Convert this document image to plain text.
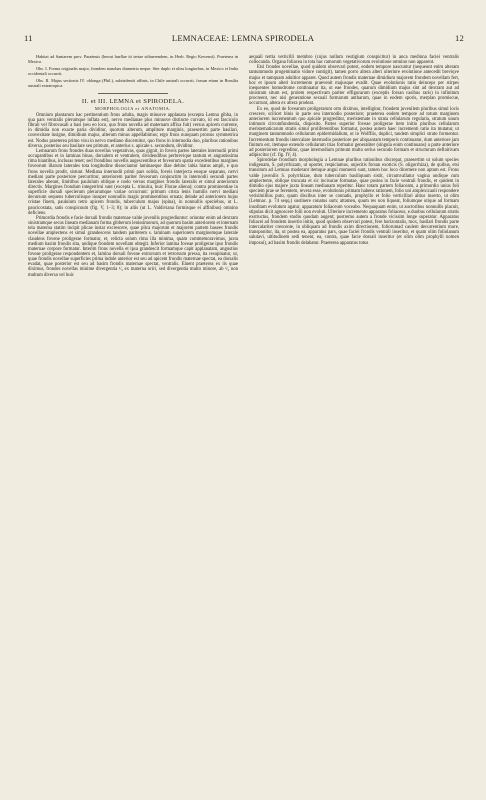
11	LEMNACEAE: LEMNA SPIRODELA	12

Habitat ad Santarem prov. Paraënsis (herrai haellae iti tertae stibaerendem, in Herb. Regio Kewensi). Praeterea in Mexico.

Obs. I. Forma originalis major, frondem nonobas diametrio neque. Ster duplo et ultra longiorbus, in Mexico et India occidentali occurrit.

Obs. II. Majus sectionis IV. oblonga (Phil.), subtridentii affinis, in Chile australi occurrit, forsan etiam in Brasilia australi extratropica.

II. et III. LEMNA et SPIRODELA.
MORPHOLOGIA et ANATOMIA.

Omnium plantarum hac pertinentium frons adulta, magis minusve applanata (excepta Lemna gibba, in qua pars ventralis plerumque inflata est), nervo medianae plus minusve distincte curvato, id est fasciculo fibrali vel fibrovasali a basi (seu eo loco, quo frons novella ad maternam affixa fuit) versus apicem currente, in dimidia non exacte paria dividitur, quorum alterum, amplitore marginis, praesertim parte basilari, convexitate insigne, dimidium majus, alterum minus appellabimus; ergo frons nunquam prorsus symmetrica est. Nodus praeterea primo visu in nervo mediano discernitur, quo frons in internodia duo, pluribus rationibus diversa, posterius seu basilare seu primum, et anterius s. apicale s. secundum, dividitur.

Lemnarum frons frondes duas novellas vegetativas, quas gignit, in foveis partes laterales internodii primi occupantibus et in laminas binas, dorsalem et ventralem, dividendibus perbrevique tantum et angustissima rima hiantibus, inclusas tenet; sed frondibus novellis augescentibus et foveorum spatia excedentibus margines foveorum illarum laterales tota longitudine dissociantur laminaeque illae dehinc labia hiatus ampli, e quo frons novella prodit, sistunt. Mediana internodii primi pars solida, foveis interjecta eosque separans, nervi mediani parte posteriore percurritur, anteriorem pariter foveorum conjunctim in internodii secundi partes laterales abeunt, limitibus paululum oblique e nodo versus margines frondis lateralis et simul anteriorum directis. Margines frondum integerrimi sunt (excepta L. trinulca, huic Florae aliena); contra prominentiae in superficie dorsali specierum plerarumque variae occurrunt: primum crista lenis humilis nervi mediani decursum sequens tuberculisque insuper nonnullis magis prominentibus ornata; deinde ad anteriorem hujus cristae finem, paululum retro apicem frondis, tuberculum majus (spina), in nonnullis speciebus, ut L. paucicostata, satis conspicuum (fig. V, 1–3; 8); in aliis (ut L. Valdiviana formisque ei affinibus) omnino deficiens.

Primordia frondis e facie dorsali frondis maternae valde juvenilis progrediuntur: oriuntur enim ad dextram sinistramque secus lineam medianam forma gibberum lenissimorum, ad quorum basim anteriorem et internam tela materna statim incipit plicae instar excrescere, quae plica majorum et majorem partem basees frondis novellae amplectens et simul grandescens tandem pariterem s. laminam superiorem marginemque laterale claudens fovene proligerae formatur, et, relicta solum rima illa minima, quam commemoravimus, juxta medium basim frondis sita, undique frondem novellam obtegit. Inferior lamina foveae proligerae ipso frondis maternae corpore formatur. Interim frons novella et ipsa grandescit formamque capit applanatam, angustius foveae proligerae respondentem et, lamina dorsali foveae extrorsum et retrorsum pressa, ita resupinatur, ut, quae frondis novellae superficies prima indole anterior est seu ad apicem frondis maternae spectat, ea dorsalis evadat, quae posterior est seu ad basim frondis maternae spectat, ventralis. Eluent praeterea ex iis quae diximus, frondes novellas minime divergentia ¹⁄₃ ex materna oriri, sed divergentia multo minore, ab ¹⁄₂ non multum diversa vel huic

aequali tertia verticilli membro (cujus nullum vestigium conspicitur) in anca medinna faciei ventralis collocanda. Organa foliacea in tota hac ramorum vegetativorum evolutione omnino non apparent.

Etsi frondes novellae, quod quidem observari potest, eodem tempore nascuntur (nequeunt enim alteram tantummodo progeminatio vidore contigit), tamen porro altera alteri ulteriore evolutione antecedit breviqve majus et tamquam adultior apparet. Quod autem frondis maternae dimidium majorem frondem novellam fert, hoc et ipsum alteri incremento praevenit majusque evadit. Quae evolutionis ratio deinceps per stirpes inequentes homodrome continuatur ita, ut eae frondes, quarum dimidium majus sint ad dextram aut ad sinistram situm est, prolem respectivam pariter effigurarum (exceptis forsan casibus raris) in infinitum procreent, nec nisi generatione sexuali formarum antharum, quae in eodem sporis, merplan promiscue, occurrunt, altera ex altera prodeat.

Ex eo, quod de fovearum proligerarum ortu diximus, intelligitur, frondem juvenilem pluribus simul locis crescere, scilicet binis in parte seu internodio posteriore; praeterea eodem tempore ad totum marginem anteriorem incrementum quo apicale progreditur, meristemate in strata cellularum regularia, stratum unum intimum circumfundentia, disposito. Partes superior foveae proligerae item initio pluribus cellularum meristematicarum stratis simul proliferentibus formatur, postea autem haec incrementi ratio ita mutatur, ut marginem tantummodo cellularum epidermidalium, ut in Wolffiis, duplici, tandem simplici strato formentur. Incrementum frondis intercalare internodio posteriore per aliquantam temporis continuatur, dum anteriore jam finitum est, itemque extendo cellularum trias formatur generaliter (singula enim continuans) a parte anteriore ad posteriorem regreditur, quae internodium primum multo serius secundo formam et structuram definitivam adipiscitur (cf. fig. IV, 4).

Spirodelae frondium morphologia a Lemnae pluribus rationibus discrepat, praesertim ut solum species indigenam, S. polyrrhizam, ut oportet, respiciamus, unjecitis forsan exoticis (S. oligorrhiza), de quibus, etsi transitum ad Lemnas moderant itemque angui momenti sunt, tamen hoc loco dicemere non aptum est. Frons valde juvenilis S. polyrrhizae, dum tuberculum basiliquum sistit, circumvallatur vagina undique cum amplectente, oblique truncata et sic incisurae formatae, quae postea in facie ventrali frondis, et quidem in dimidio ejus majore juxta lineam medianam reperitur. Hanc totam partem foliaceam, a primordio unius foli speciem prae se ferentem, revera esse, evolutionis primam habens rationem, folio uni amplexicauli respondere verisimillius puto, quam discibus inter se connatis, prophyllo et folio verticillari altius inserto, ut olim (Lemnac. p. 74 seqq.) sustinere conatus sum; attamen, quum res non liqueat, foliumque utique ad formam insolitam evolutum agatur, apparatum foliaceum voceabo. Nequaquam enim, ut auctoribus nonnullis placuit, stipulas dicit agnoscere folii non evoluti. Ulteriore incremento apparatus foliaceus, e.duobus cellularum stratis exstructus, frondem studio quodam augent; postremo autem a fronde vicissim longe superatur. Apparatus foliacei ad frondem insertio initio, quod quidem observari potest, fere horizontalis, mox, basilari frondis parte intercalariter crescente, in obliquam ad frondis axim directionem, foliorumad caulem decurrentium more, transponitur, ita, ut postea ea, apparatus pars, quae faciei frondis ventrali inseritur, et quam olim foliolanum salutavi, ultitudinem sedi tenent, ea, contra, quae facie dorsali inseritur (et olim olim prophylli nomen imposui), ad basim frondis delabatur. Praeterea apparatus totus
